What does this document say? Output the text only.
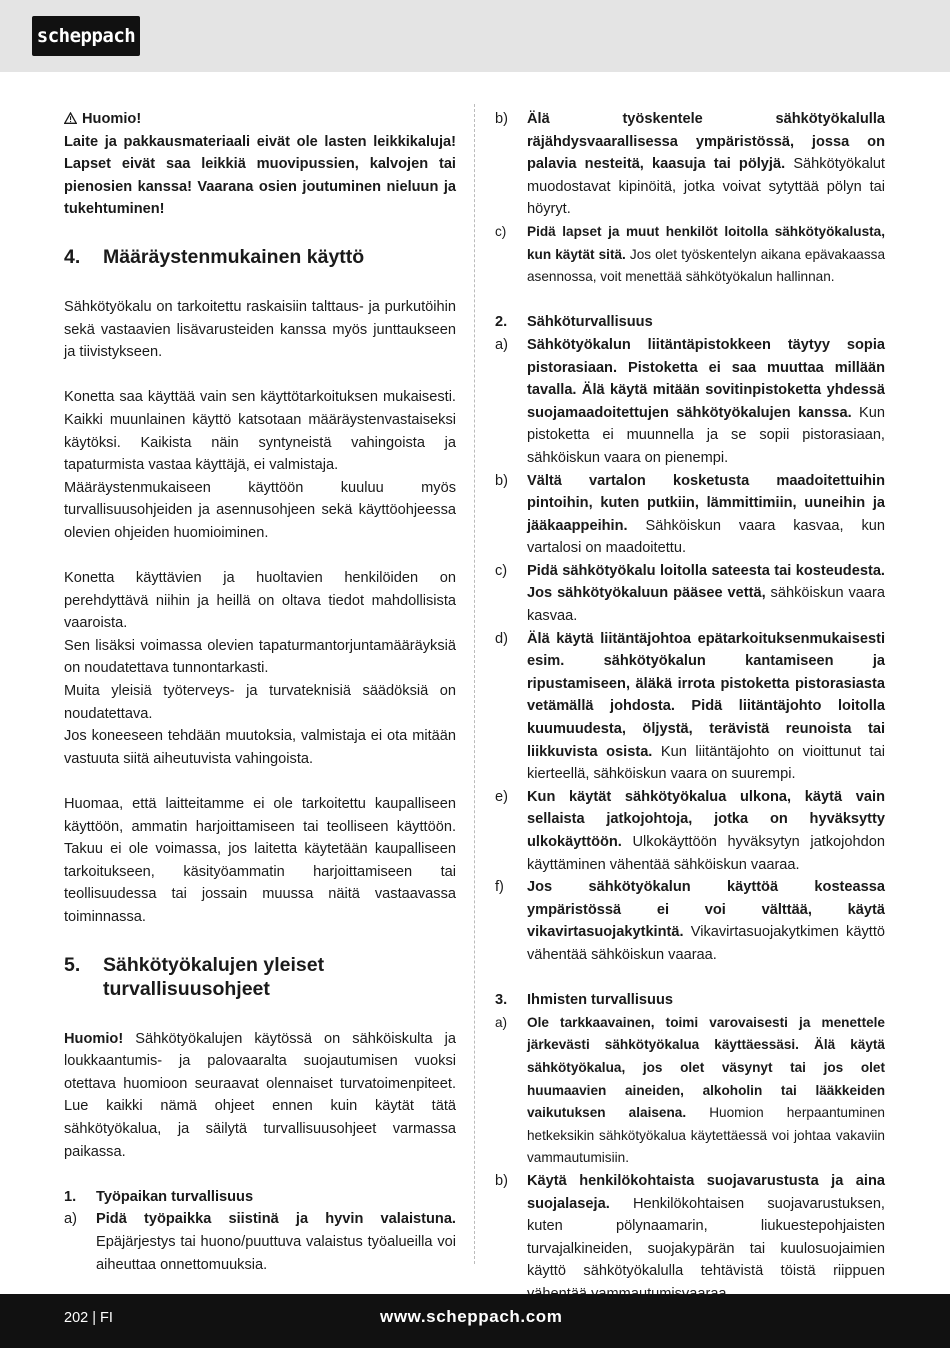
scheppach

Huomio!

Laite ja pakkausmateriaali eivät ole lasten leikkikaluja! Lapset eivät saa leikkiä muovipussien, kalvojen tai pienosien kanssa! Vaarana osien joutuminen nieluun ja tukehtuminen!

4.	Määräystenmukainen käyttö

Sähkötyökalu on tarkoitettu raskaisiin talttaus- ja purkutöihin sekä vastaavien lisävarusteiden kanssa myös junttaukseen ja tiivistykseen.

Konetta saa käyttää vain sen käyttötarkoituksen mukaisesti. Kaikki muunlainen käyttö katsotaan määräystenvastaiseksi käytöksi. Kaikista näin syntyneistä vahingoista ja tapaturmista vastaa käyttäjä, ei valmistaja.

Määräystenmukaiseen käyttöön kuuluu myös turvallisuusohjeiden ja asennusohjeen sekä käyttöohjeessa olevien ohjeiden huomioiminen.

Konetta käyttävien ja huoltavien henkilöiden on perehdyttävä niihin ja heillä on oltava tiedot mahdollisista vaaroista.

Sen lisäksi voimassa olevien tapaturmantorjuntamääräyksiä on noudatettava tunnontarkasti.

Muita yleisiä työterveys- ja turvateknisiä säädöksiä on noudatettava.

Jos koneeseen tehdään muutoksia, valmistaja ei ota mitään vastuuta siitä aiheutuvista vahingoista.

Huomaa, että laitteitamme ei ole tarkoitettu kaupalliseen käyttöön, ammatin harjoittamiseen tai teolliseen käyttöön. Takuu ei ole voimassa, jos laitetta käytetään kaupalliseen tarkoitukseen, käsityöammatin harjoittamiseen tai teollisuudessa tai jossain muussa näitä vastaavassa toiminnassa.

5.	Sähkötyökalujen yleiset turvallisuusohjeet

Huomio! Sähkötyökalujen käytössä on sähköiskulta ja loukkaantumis- ja palovaaralta suojautumisen vuoksi otettava huomioon seuraavat olennaiset turvatoimenpiteet. Lue kaikki nämä ohjeet ennen kuin käytät tätä sähkötyökalua, ja säilytä turvallisuusohjeet varmassa paikassa.

1.	Työpaikan turvallisuus
a)	Pidä työpaikka siistinä ja hyvin valaistuna. Epäjärjestys tai huono/puuttuva valaistus työalueilla voi aiheuttaa onnettomuuksia.
b)	Älä työskentele sähkötyökalulla räjähdysvaarallisessa ympäristössä, jossa on palavia nesteitä, kaasuja tai pölyjä. Sähkötyökalut muodostavat kipinöitä, jotka voivat sytyttää pölyn tai höyryt.
c)	Pidä lapset ja muut henkilöt loitolla sähkötyökalusta, kun käytät sitä. Jos olet työskentelyn aikana epävakaassa asennossa, voit menettää sähkötyökalun hallinnan.
2.	Sähköturvallisuus
a)	Sähkötyökalun liitäntäpistokkeen täytyy sopia pistorasiaan. Pistoketta ei saa muuttaa millään tavalla. Älä käytä mitään sovitinpistoketta yhdessä suojamaadoitettujen sähkötyökalujen kanssa. Kun pistoketta ei muunnella ja se sopii pistorasiaan, sähköiskun vaara on pienempi.
b)	Vältä vartalon kosketusta maadoitettuihin pintoihin, kuten putkiin, lämmittimiin, uuneihin ja jääkaappeihin. Sähköiskun vaara kasvaa, kun vartalosi on maadoitettu.
c)	Pidä sähkötyökalu loitolla sateesta tai kosteudesta. Jos sähkötyökaluun pääsee vettä, sähköiskun vaara kasvaa.
d)	Älä käytä liitäntäjohtoa epätarkoituksenmukaisesti esim. sähkötyökalun kantamiseen ja ripustamiseen, äläkä irrota pistoketta pistorasiasta vetämällä johdosta. Pidä liitäntäjohto loitolla kuumuudesta, öljystä, terävistä reunoista tai liikkuvista osista. Kun liitäntäjohto on vioittunut tai kierteellä, sähköiskun vaara on suurempi.
e)	Kun käytät sähkötyökalua ulkona, käytä vain sellaista jatkojohtoja, jotka on hyväksytty ulkokäyttöön. Ulkokäyttöön hyväksytyn jatkojohdon käyttäminen vähentää sähköiskun vaaraa.
f)	Jos sähkötyökalun käyttöä kosteassa ympäristössä ei voi välttää, käytä vikavirtasuojakytkintä. Vikavirtasuojakytkimen käyttö vähentää sähköiskun vaaraa.
3.	Ihmisten turvallisuus
a)	Ole tarkkaavainen, toimi varovaisesti ja menettele järkevästi sähkötyökalua käyttäessäsi. Älä käytä sähkötyökalua, jos olet väsynyt tai jos olet huumaavien aineiden, alkoholin tai lääkkeiden vaikutuksen alaisena. Huomion herpaantuminen hetkeksikin sähkötyökalua käytettäessä voi johtaa vakaviin vammautumisiin.
b)	Käytä henkilökohtaista suojavarustusta ja aina suojalaseja. Henkilökohtaisen suojavarustuksen, kuten pölynaamarin, liukuestepohjaisten turvajalkineiden, suojakypärän tai kuulosuojaimien käyttö sähkötyökalulla tehtävistä töistä riippuen
202 | FI	www.scheppach.com
